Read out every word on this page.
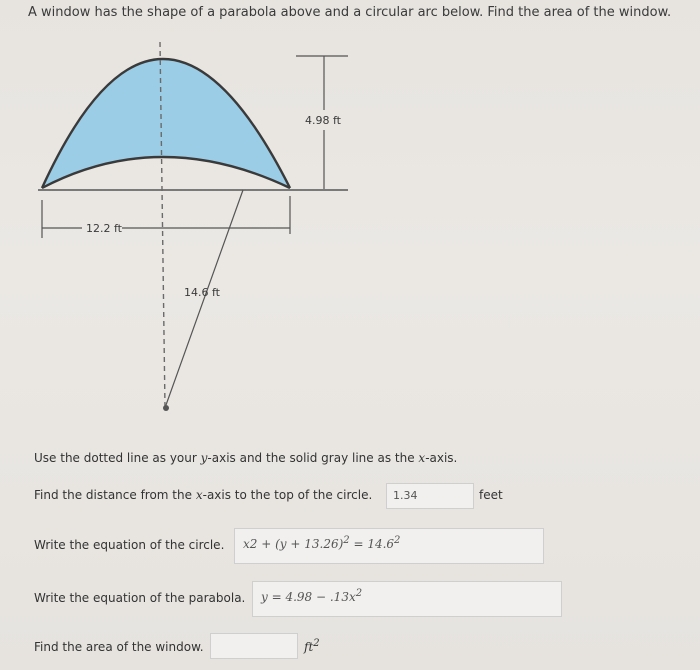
A window has the shape of a parabola above and a circular arc below. Find the area of the window.
4.98 ft
12.2 ft
14.6 ft
Use the dotted line as your y-axis and the solid gray line as the x-axis.
Find the distance from the x-axis to the top of the circle.	1.34	feet
Write the equation of the circle.	$x2 + (y + 13.26)^2 = 14.6^2$
Write the equation of the parabola.	$y = 4.98 - .13x^2$
Find the area of the window.	$ft^2$
